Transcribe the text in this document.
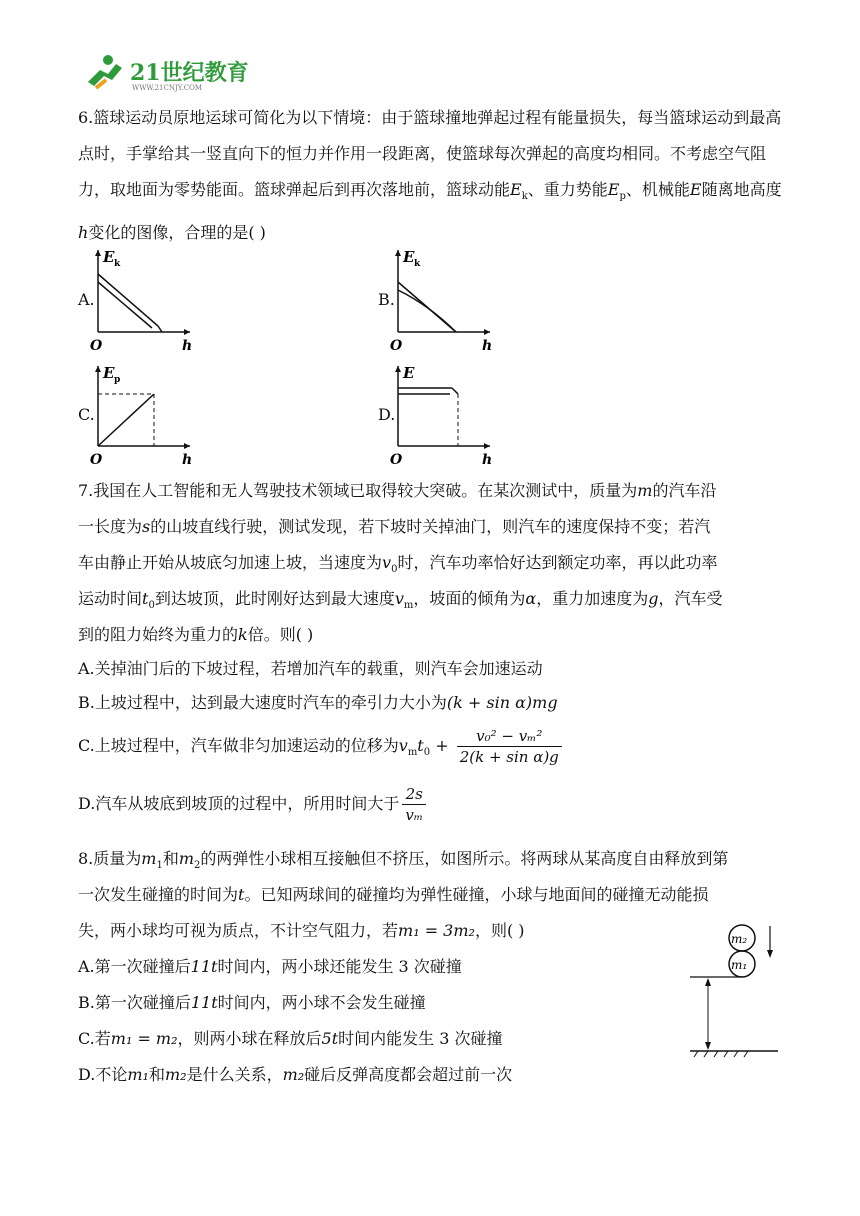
21世纪教育
WWW.21CNJY.COM
6.篮球运动员原地运球可简化为以下情境：由于篮球撞地弹起过程有能量损失，每当篮球运动到最高点时，手掌给其一竖直向下的恒力并作用一段距离，使篮球每次弹起的高度均相同。不考虑空气阻力，取地面为零势能面。篮球弹起后到再次落地前，篮球动能$E_k$、重力势能$E_p$、机械能E随离地高度h变化的图像，合理的是( )
A.
E k
O	h
B.
E k
O	h
C.
E p
O	h
D.
E
O	h
7.我国在人工智能和无人驾驶技术领域已取得较大突破。在某次测试中，质量为m的汽车沿
一长度为s的山坡直线行驶，测试发现，若下坡时关掉油门，则汽车的速度保持不变；若汽
车由静止开始从坡底匀加速上坡，当速度为$v_0$时，汽车功率恰好达到额定功率，再以此功率
运动时间$t_0$到达坡顶，此时刚好达到最大速度$v_m$，坡面的倾角为α，重力加速度为g，汽车受
到的阻力始终为重力的k倍。则( )
A.关掉油门后的下坡过程，若增加汽车的载重，则汽车会加速运动
B.上坡过程中，达到最大速度时汽车的牵引力大小为(k + sin α)mg
C.上坡过程中，汽车做非匀加速运动的位移为$v_mt_0 + \frac{\text{v₀² − vₘ²}}{\text{2(k + sin α)g}}$
D.汽车从坡底到坡顶的过程中，所用时间大于 $\frac{2s}{\text{vₘ}}$
8.质量为$m_1$和$m_2$的两弹性小球相互接触但不挤压，如图所示。将两球从某高度自由释放到第
一次发生碰撞的时间为t。已知两球间的碰撞均为弹性碰撞，小球与地面间的碰撞无动能损
失，两小球均可视为质点，不计空气阻力，若m₁ = 3m₂，则( )
A.第一次碰撞后11t时间内，两小球还能发生 3 次碰撞
B.第一次碰撞后11t时间内，两小球不会发生碰撞
C.若m₁ = m₂，则两小球在释放后5t时间内能发生 3 次碰撞
D.不论m₁和m₂是什么关系，m₂碰后反弹高度都会超过前一次
m₂
m₁
